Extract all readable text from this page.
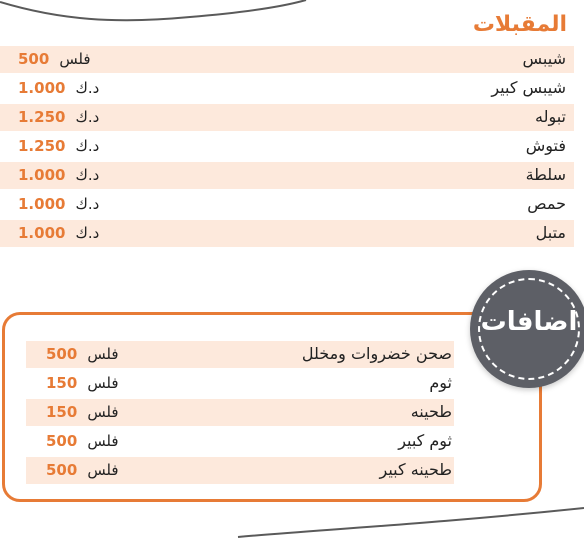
المقبلات
شيبس
500 فلس
شيبس كبير
1.000 د.ك
تبوله
1.250 د.ك
فتوش
1.250 د.ك
سلطة
1.000 د.ك
حمص
1.000 د.ك
متبل
1.000 د.ك
صحن خضروات ومخلل
500 فلس
ثوم
150 فلس
طحينه
150 فلس
ثوم كبير
500 فلس
طحينه كبير
500 فلس
اضافات
